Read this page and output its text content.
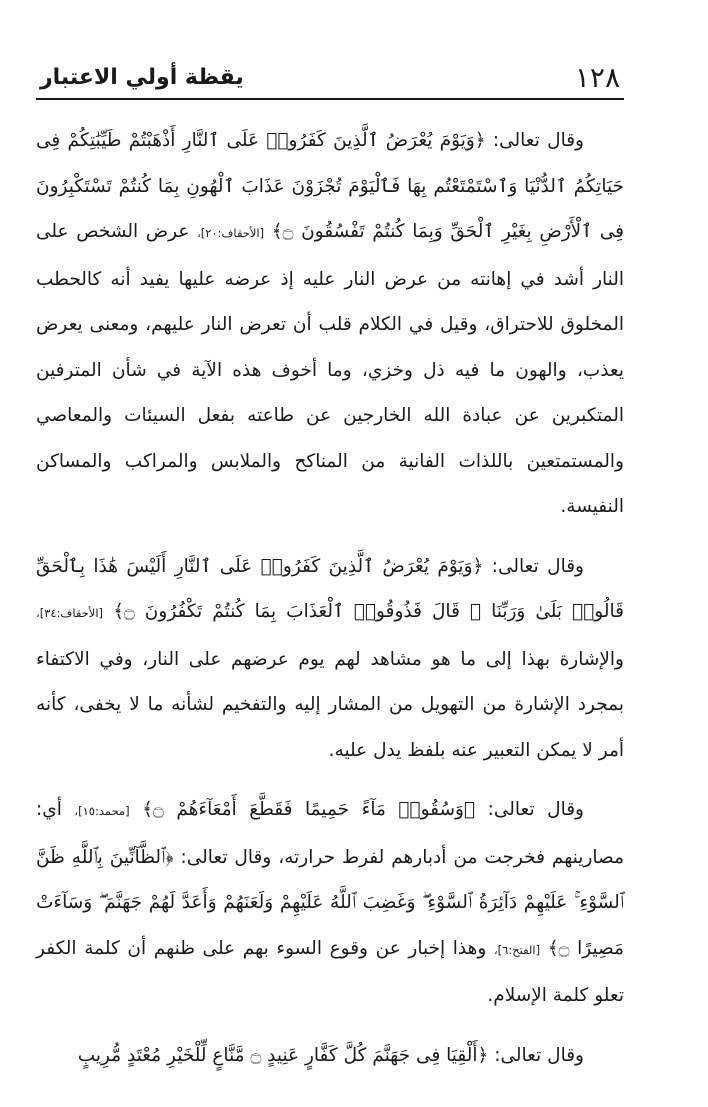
١٢٨
يقظة أولي الاعتبار

وقال تعالى: ﴿وَيَوْمَ يُعْرَضُ ٱلَّذِينَ كَفَرُوا۟ عَلَى ٱلنَّارِ أَذْهَبْتُمْ طَيِّبَٰتِكُمْ فِى حَيَاتِكُمُ ٱلدُّنْيَا وَٱسْتَمْتَعْتُم بِهَا فَٱلْيَوْمَ تُجْزَوْنَ عَذَابَ ٱلْهُونِ بِمَا كُنتُمْ تَسْتَكْبِرُونَ فِى ٱلْأَرْضِ بِغَيْرِ ٱلْحَقِّ وَبِمَا كُنتُمْ تَفْسُقُونَ ۝﴾ [الأحقاف:٢٠]، عرض الشخص على النار أشد في إهانته من عرض النار عليه إذ عرضه عليها يفيد أنه كالحطب المخلوق للاحتراق، وقيل في الكلام قلب أن تعرض النار عليهم، ومعنى يعرض يعذب، والهون ما فيه ذل وخزي، وما أخوف هذه الآية في شأن المترفين المتكبرين عن عبادة الله الخارجين عن طاعته بفعل السيئات والمعاصي والمستمتعين باللذات الفانية من المناكح والملابس والمراكب والمساكن النفيسة.

وقال تعالى: ﴿وَيَوْمَ يُعْرَضُ ٱلَّذِينَ كَفَرُوا۟ عَلَى ٱلنَّارِ أَلَيْسَ هَٰذَا بِٱلْحَقِّ قَالُوا۟ بَلَىٰ وَرَبِّنَا ۚ قَالَ فَذُوقُوا۟ ٱلْعَذَابَ بِمَا كُنتُمْ تَكْفُرُونَ ۝﴾ [الأحقاف:٣٤]، والإشارة بهذا إلى ما هو مشاهد لهم يوم عرضهم على النار، وفي الاكتفاء بمجرد الإشارة من التهويل من المشار إليه والتفخيم لشأنه ما لا يخفى، كأنه أمر لا يمكن التعبير عنه بلفظ يدل عليه.

وقال تعالى: ﴿وَسُقُوا۟ مَآءً حَمِيمًا فَقَطَّعَ أَمْعَآءَهُمْ ۝﴾ [محمد:١٥]، أي: مصارينهم فخرجت من أدبارهم لفرط حرارته، وقال تعالى: ﴿ٱلظَّآنِّينَ بِٱللَّهِ ظَنَّ ٱلسَّوْءِ ۚ عَلَيْهِمْ دَآئِرَةُ ٱلسَّوْءِ ۖ وَغَضِبَ ٱللَّهُ عَلَيْهِمْ وَلَعَنَهُمْ وَأَعَدَّ لَهُمْ جَهَنَّمَ ۖ وَسَآءَتْ مَصِيرًا ۝﴾ [الفتح:٦]، وهذا إخبار عن وقوع السوء بهم على ظنهم أن كلمة الكفر تعلو كلمة الإسلام.

وقال تعالى: ﴿أَلْقِيَا فِى جَهَنَّمَ كُلَّ كَفَّارٍ عَنِيدٍ ۝ مَّنَّاعٍ لِّلْخَيْرِ مُعْتَدٍ مُّرِيبٍ
